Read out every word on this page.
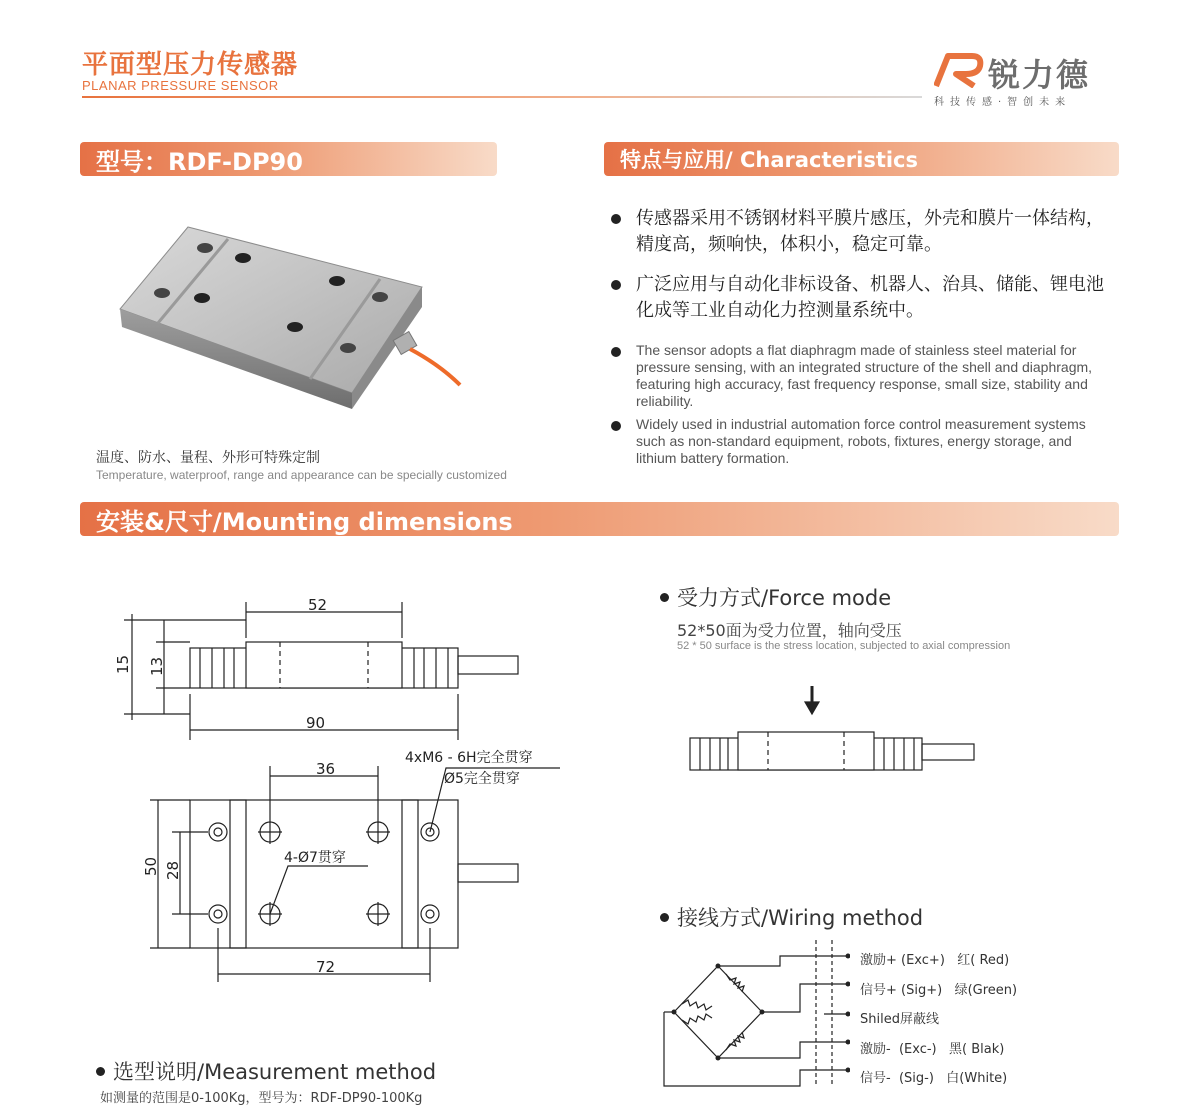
平面型压力传感器
PLANAR PRESSURE SENSOR	锐力德
科技传感·智创未来
型号：RDF-DP90	特点与应用/ Characteristics
安装&尺寸/Mounting dimensions
温度、防水、量程、外形可特殊定制
Temperature, waterproof, range and appearance can be specially customized
传感器采用不锈钢材料平膜片感压，外壳和膜片一体结构，精度高，频响快，体积小，稳定可靠。
广泛应用与自动化非标设备、机器人、治具、储能、锂电池化成等工业自动化力控测量系统中。
The sensor adopts a flat diaphragm made of stainless steel material for pressure sensing, with an integrated structure of the shell and diaphragm, featuring high accuracy, fast frequency response, small size, stability and reliability.
Widely used in industrial automation force control measurement systems such as non-standard equipment, robots, fixtures, energy storage, and lithium battery formation.
52
90
15 13
36
4xM6 - 6H完全贯穿
Ø5完全贯穿
50 28
4-Ø7贯穿
72
受力方式/Force mode
52*50面为受力位置，轴向受压
52 * 50 surface is the stress location, subjected to axial compression
接线方式/Wiring method
激励+ (Exc+)   红( Red)
信号+ (Sig+)   绿(Green)
Shiled屏蔽线
激励-  (Exc-)   黑( Blak)
信号-  (Sig-)   白(White)
选型说明/Measurement method
如测量的范围是0-100Kg，型号为：RDF-DP90-100Kg
